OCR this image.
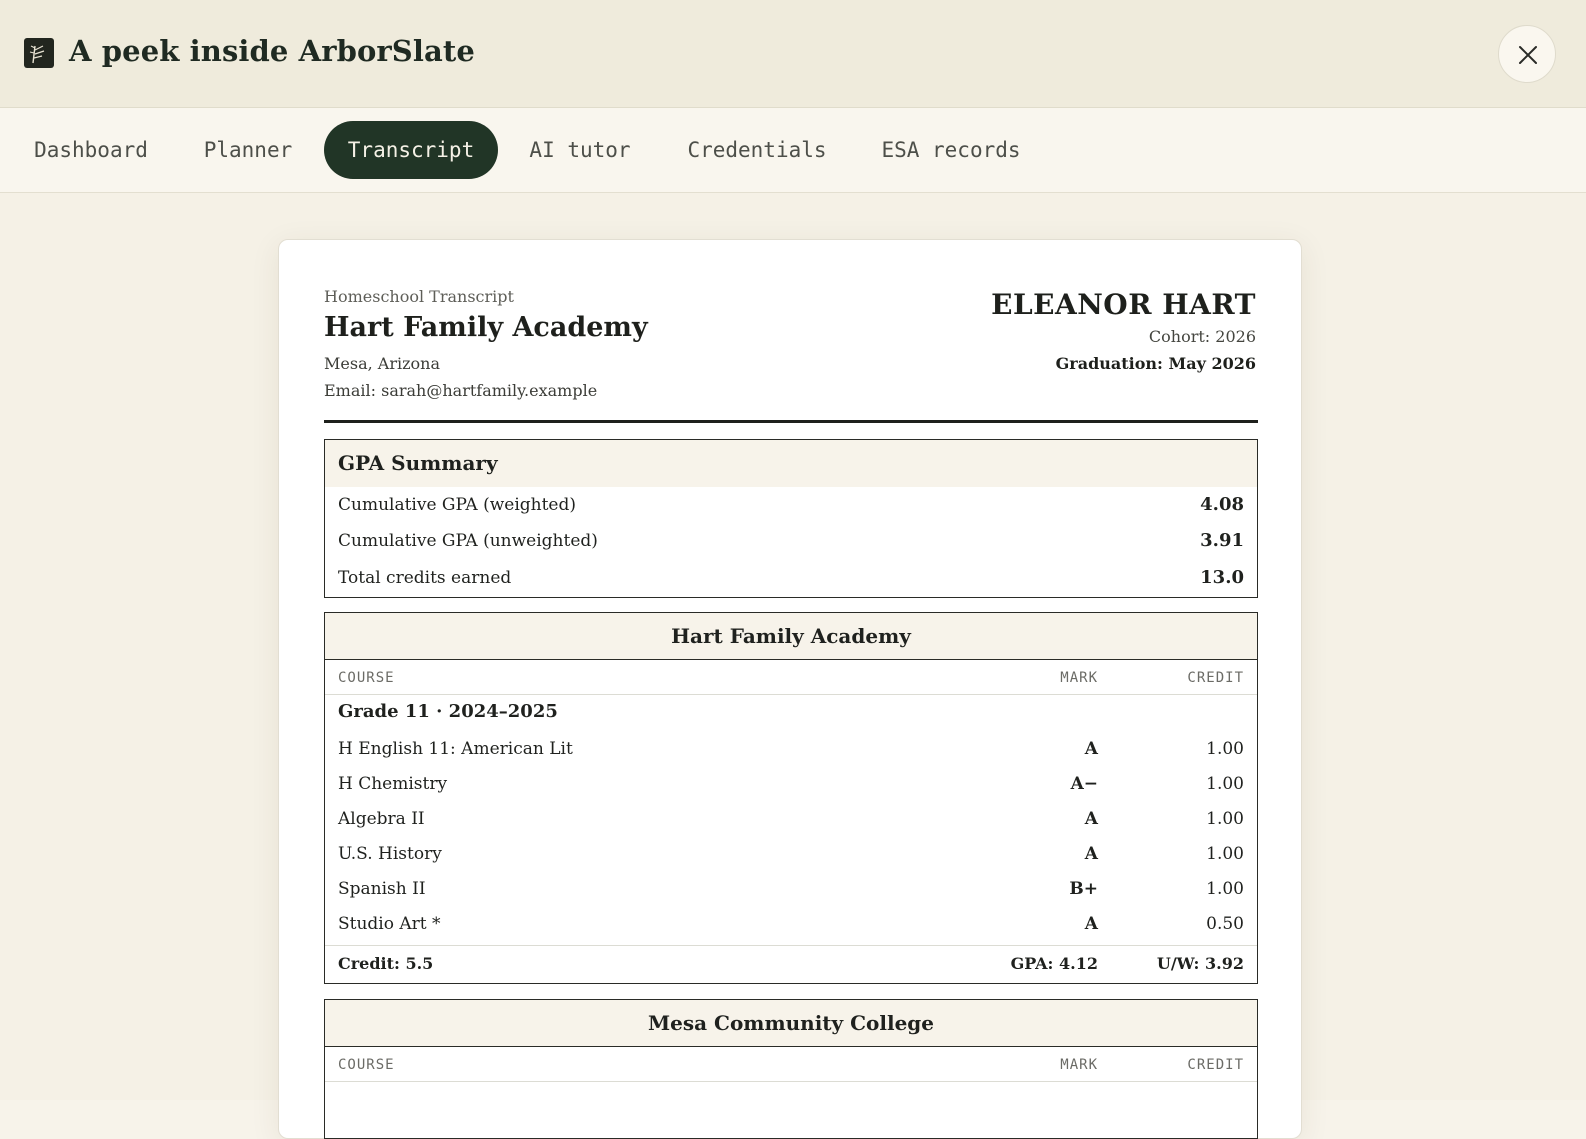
A peek inside ArborSlate
Dashboard	Planner	Transcript	AI tutor	Credentials	ESA records
Homeschool Transcript
Hart Family Academy
Mesa, Arizona
Email: sarah@hartfamily.example
ELEANOR HART
Cohort: 2026
Graduation: May 2026
GPA Summary
Cumulative GPA (weighted)	4.08
Cumulative GPA (unweighted)	3.91
Total credits earned	13.0
Hart Family Academy
COURSE	MARK	CREDIT
Grade 11 · 2024–2025
H English 11: American Lit	A	1.00
H Chemistry	A−	1.00
Algebra II	A	1.00
U.S. History	A	1.00
Spanish II	B+	1.00
Studio Art *	A	0.50
Credit: 5.5	GPA: 4.12	U/W: 3.92
Mesa Community College
COURSE	MARK	CREDIT
